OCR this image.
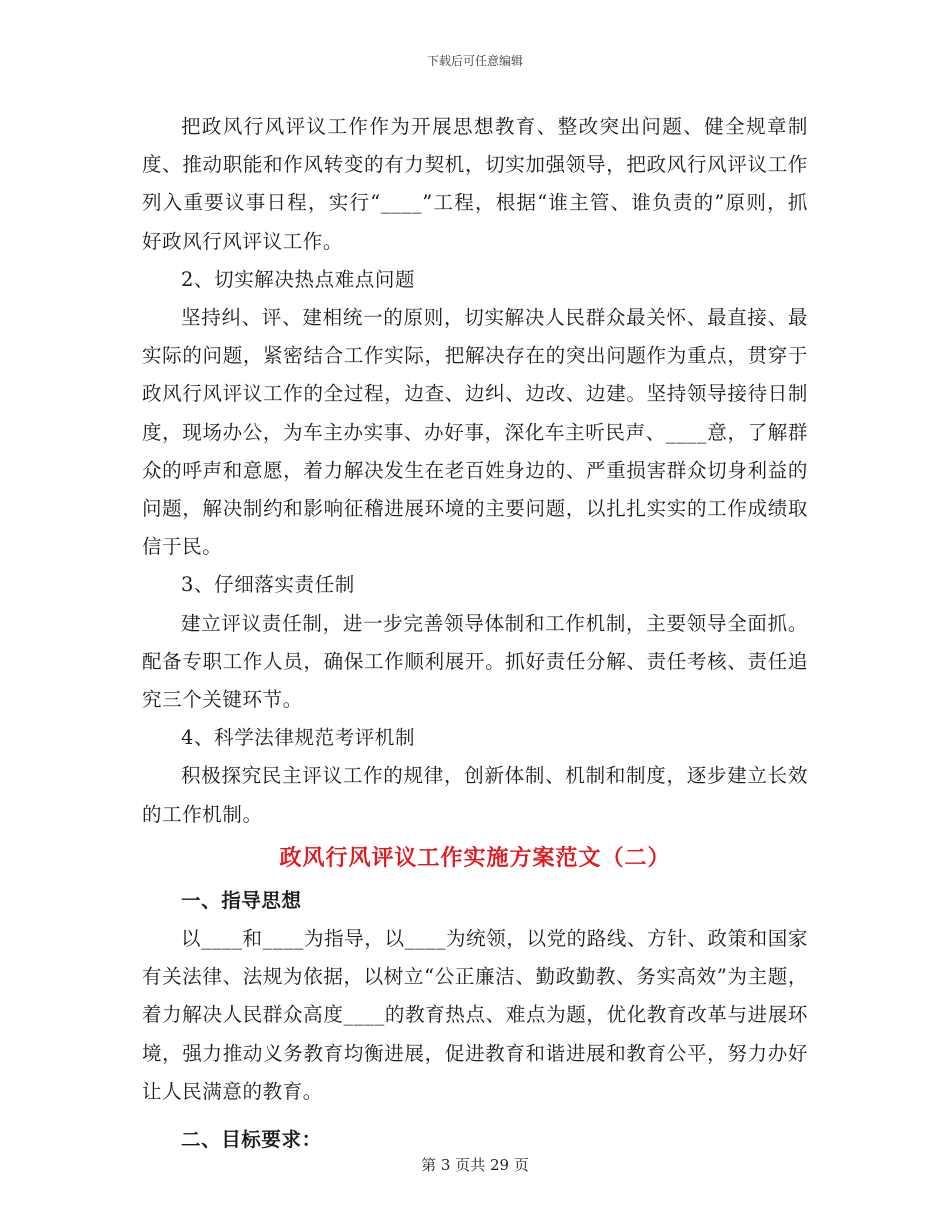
下载后可任意编辑

把政风行风评议工作作为开展思想教育、整改突出问题、健全规章制度、推动职能和作风转变的有力契机，切实加强领导，把政风行风评议工作列入重要议事日程，实行“____”工程，根据“谁主管、谁负责的”原则，抓好政风行风评议工作。

2、切实解决热点难点问题

坚持纠、评、建相统一的原则，切实解决人民群众最关怀、最直接、最实际的问题，紧密结合工作实际，把解决存在的突出问题作为重点，贯穿于政风行风评议工作的全过程，边查、边纠、边改、边建。坚持领导接待日制度，现场办公，为车主办实事、办好事，深化车主听民声、____意，了解群众的呼声和意愿，着力解决发生在老百姓身边的、严重损害群众切身利益的问题，解决制约和影响征稽进展环境的主要问题，以扎扎实实的工作成绩取信于民。

3、仔细落实责任制

建立评议责任制，进一步完善领导体制和工作机制，主要领导全面抓。配备专职工作人员，确保工作顺利展开。抓好责任分解、责任考核、责任追究三个关键环节。

4、科学法律规范考评机制

积极探究民主评议工作的规律，创新体制、机制和制度，逐步建立长效的工作机制。

政风行风评议工作实施方案范文（二）

一、指导思想

以____和____为指导，以____为统领，以党的路线、方针、政策和国家有关法律、法规为依据，以树立“公正廉洁、勤政勤教、务实高效”为主题，着力解决人民群众高度____的教育热点、难点为题，优化教育改革与进展环境，强力推动义务教育均衡进展，促进教育和谐进展和教育公平，努力办好让人民满意的教育。

二、目标要求：

第 3 页共 29 页
